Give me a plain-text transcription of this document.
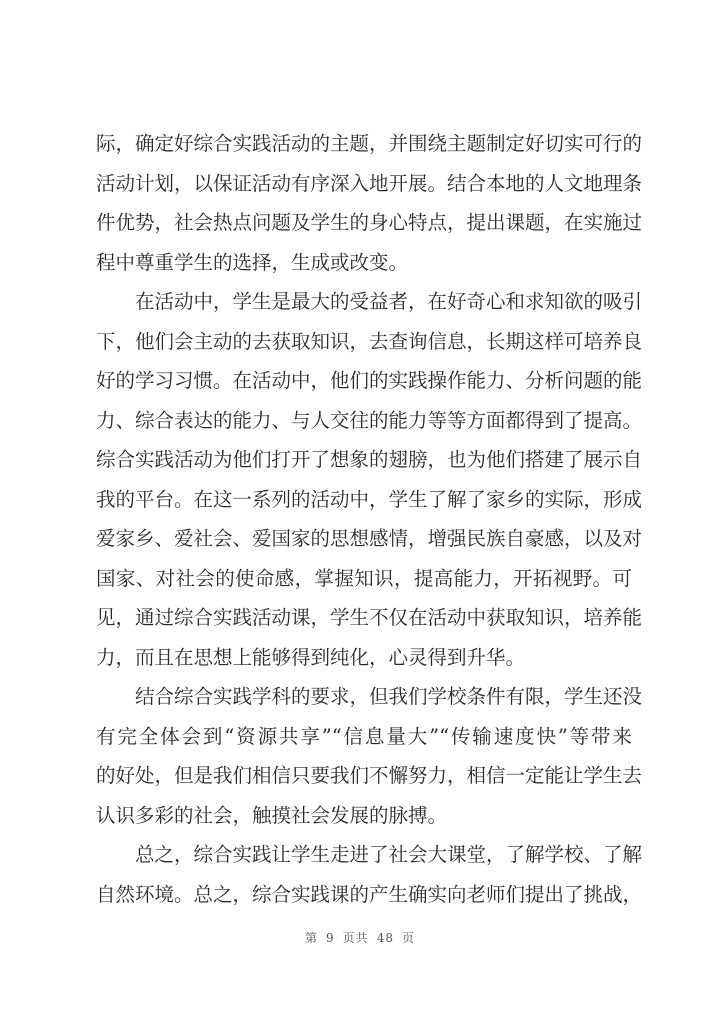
际，确定好综合实践活动的主题，并围绕主题制定好切实可行的
活动计划，以保证活动有序深入地开展。结合本地的人文地理条
件优势，社会热点问题及学生的身心特点，提出课题，在实施过
程中尊重学生的选择，生成或改变。
在活动中，学生是最大的受益者，在好奇心和求知欲的吸引
下，他们会主动的去获取知识，去查询信息，长期这样可培养良
好的学习习惯。在活动中，他们的实践操作能力、分析问题的能
力、综合表达的能力、与人交往的能力等等方面都得到了提高。
综合实践活动为他们打开了想象的翅膀，也为他们搭建了展示自
我的平台。在这一系列的活动中，学生了解了家乡的实际，形成
爱家乡、爱社会、爱国家的思想感情，增强民族自豪感，以及对
国家、对社会的使命感，掌握知识，提高能力，开拓视野。可
见，通过综合实践活动课，学生不仅在活动中获取知识，培养能
力，而且在思想上能够得到纯化，心灵得到升华。
结合综合实践学科的要求，但我们学校条件有限，学生还没
有完全体会到“资源共享”“信息量大”“传输速度快”等带来
的好处，但是我们相信只要我们不懈努力，相信一定能让学生去
认识多彩的社会，触摸社会发展的脉搏。
总之，综合实践让学生走进了社会大课堂，了解学校、了解
自然环境。总之，综合实践课的产生确实向老师们提出了挑战，
第 9 页共 48 页
